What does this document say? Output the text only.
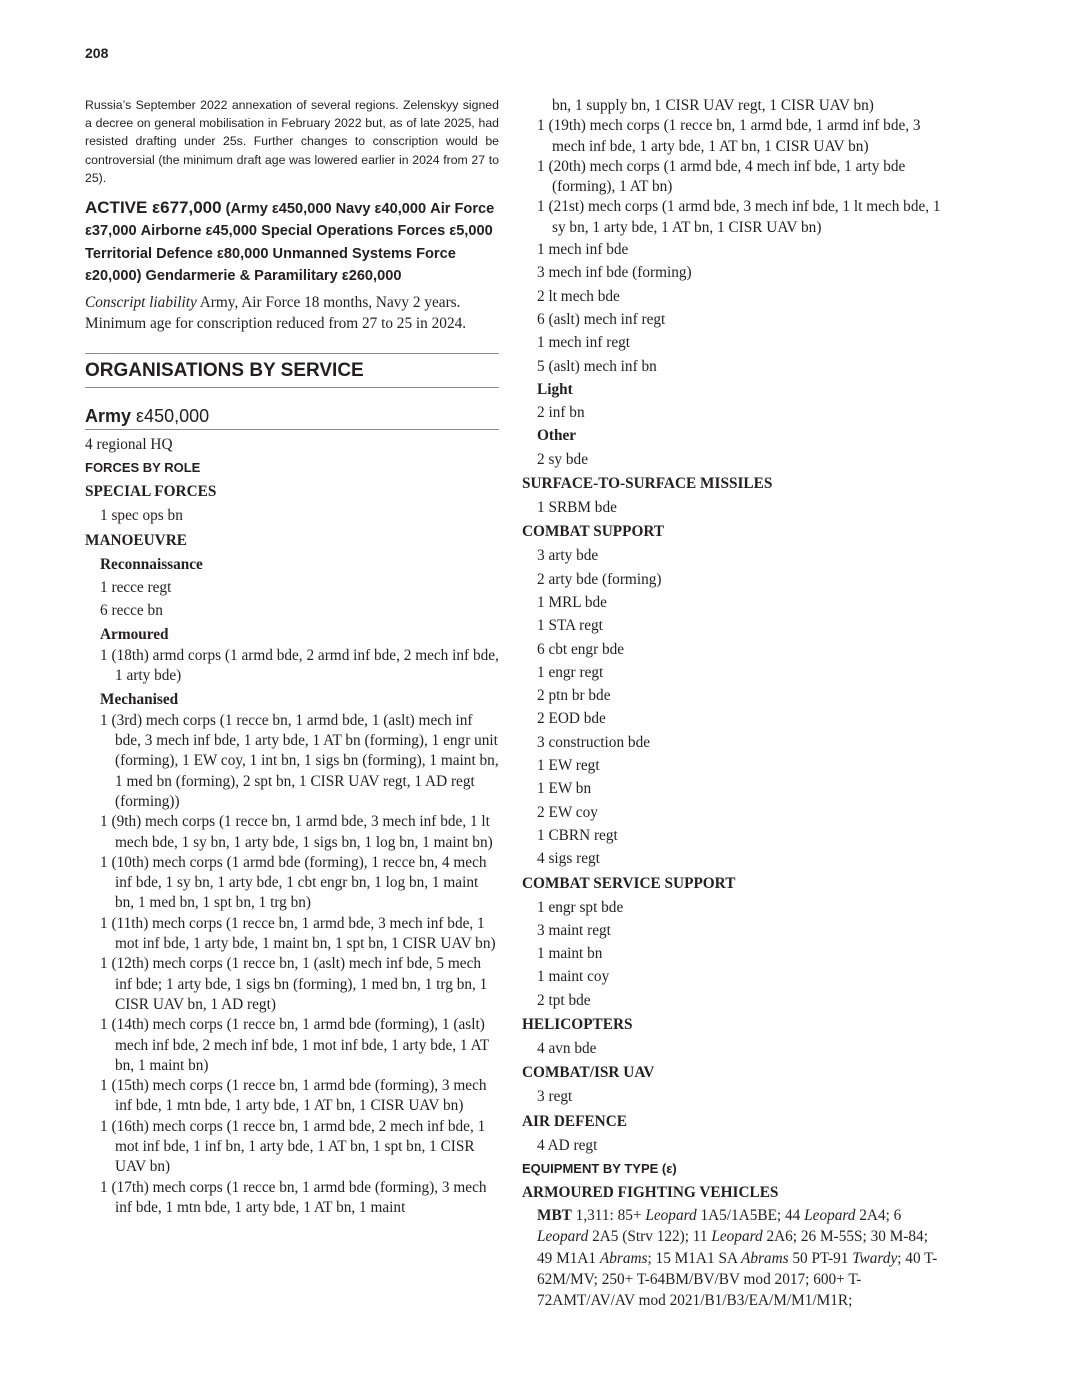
208

Russia’s September 2022 annexation of several regions. Zelenskyy signed a decree on general mobilisation in February 2022 but, as of late 2025, had resisted drafting under 25s. Further changes to conscription would be controversial (the minimum draft age was lowered earlier in 2024 from 27 to 25).

ACTIVE ε677,000 (Army ε450,000 Navy ε40,000 Air Force ε37,000 Airborne ε45,000 Special Operations Forces ε5,000 Territorial Defence ε80,000 Unmanned Systems Force ε20,000) Gendarmerie & Paramilitary ε260,000
Conscript liability Army, Air Force 18 months, Navy 2 years. Minimum age for conscription reduced from 27 to 25 in 2024.
ORGANISATIONS BY SERVICE
Army ε450,000
4 regional HQ
FORCES BY ROLE
SPECIAL FORCES
1 spec ops bn
MANOEUVRE
Reconnaissance
1 recce regt
6 recce bn
Armoured
1 (18th) armd corps (1 armd bde, 2 armd inf bde, 2 mech inf bde, 1 arty bde)
Mechanised
1 (3rd) mech corps (1 recce bn, 1 armd bde, 1 (aslt) mech inf bde, 3 mech inf bde, 1 arty bde, 1 AT bn (forming), 1 engr unit (forming), 1 EW coy, 1 int bn, 1 sigs bn (forming), 1 maint bn, 1 med bn (forming), 2 spt bn, 1 CISR UAV regt, 1 AD regt (forming))
1 (9th) mech corps (1 recce bn, 1 armd bde, 3 mech inf bde, 1 lt mech bde, 1 sy bn, 1 arty bde, 1 sigs bn, 1 log bn, 1 maint bn)
1 (10th) mech corps (1 armd bde (forming), 1 recce bn, 4 mech inf bde, 1 sy bn, 1 arty bde, 1 cbt engr bn, 1 log bn, 1 maint bn, 1 med bn, 1 spt bn, 1 trg bn)
1 (11th) mech corps (1 recce bn, 1 armd bde, 3 mech inf bde, 1 mot inf bde, 1 arty bde, 1 maint bn, 1 spt bn, 1 CISR UAV bn)
1 (12th) mech corps (1 recce bn, 1 (aslt) mech inf bde, 5 mech inf bde; 1 arty bde, 1 sigs bn (forming), 1 med bn, 1 trg bn, 1 CISR UAV bn, 1 AD regt)
1 (14th) mech corps (1 recce bn, 1 armd bde (forming), 1 (aslt) mech inf bde, 2 mech inf bde, 1 mot inf bde, 1 arty bde, 1 AT bn, 1 maint bn)
1 (15th) mech corps (1 recce bn, 1 armd bde (forming), 3 mech inf bde, 1 mtn bde, 1 arty bde, 1 AT bn, 1 CISR UAV bn)
1 (16th) mech corps (1 recce bn, 1 armd bde, 2 mech inf bde, 1 mot inf bde, 1 inf bn, 1 arty bde, 1 AT bn, 1 spt bn, 1 CISR UAV bn)
1 (17th) mech corps (1 recce bn, 1 armd bde (forming), 3 mech inf bde, 1 mtn bde, 1 arty bde, 1 AT bn, 1 maint
bn, 1 supply bn, 1 CISR UAV regt, 1 CISR UAV bn)
1 (19th) mech corps (1 recce bn, 1 armd bde, 1 armd inf bde, 3 mech inf bde, 1 arty bde, 1 AT bn, 1 CISR UAV bn)
1 (20th) mech corps (1 armd bde, 4 mech inf bde, 1 arty bde (forming), 1 AT bn)
1 (21st) mech corps (1 armd bde, 3 mech inf bde, 1 lt mech bde, 1 sy bn, 1 arty bde, 1 AT bn, 1 CISR UAV bn)
1 mech inf bde
3 mech inf bde (forming)
2 lt mech bde
6 (aslt) mech inf regt
1 mech inf regt
5 (aslt) mech inf bn
Light
2 inf bn
Other
2 sy bde
SURFACE-TO-SURFACE MISSILES
1 SRBM bde
COMBAT SUPPORT
3 arty bde
2 arty bde (forming)
1 MRL bde
1 STA regt
6 cbt engr bde
1 engr regt
2 ptn br bde
2 EOD bde
3 construction bde
1 EW regt
1 EW bn
2 EW coy
1 CBRN regt
4 sigs regt
COMBAT SERVICE SUPPORT
1 engr spt bde
3 maint regt
1 maint bn
1 maint coy
2 tpt bde
HELICOPTERS
4 avn bde
COMBAT/ISR UAV
3 regt
AIR DEFENCE
4 AD regt
EQUIPMENT BY TYPE (ε)
ARMOURED FIGHTING VEHICLES
MBT 1,311: 85+ Leopard 1A5/1A5BE; 44 Leopard 2A4; 6 Leopard 2A5 (Strv 122); 11 Leopard 2A6; 26 M-55S; 30 M-84; 49 M1A1 Abrams; 15 M1A1 SA Abrams 50 PT-91 Twardy; 40 T-62M/MV; 250+ T-64BM/BV/BV mod 2017; 600+ T-72AMT/AV/AV mod 2021/B1/B3/EA/M/M1/M1R;
